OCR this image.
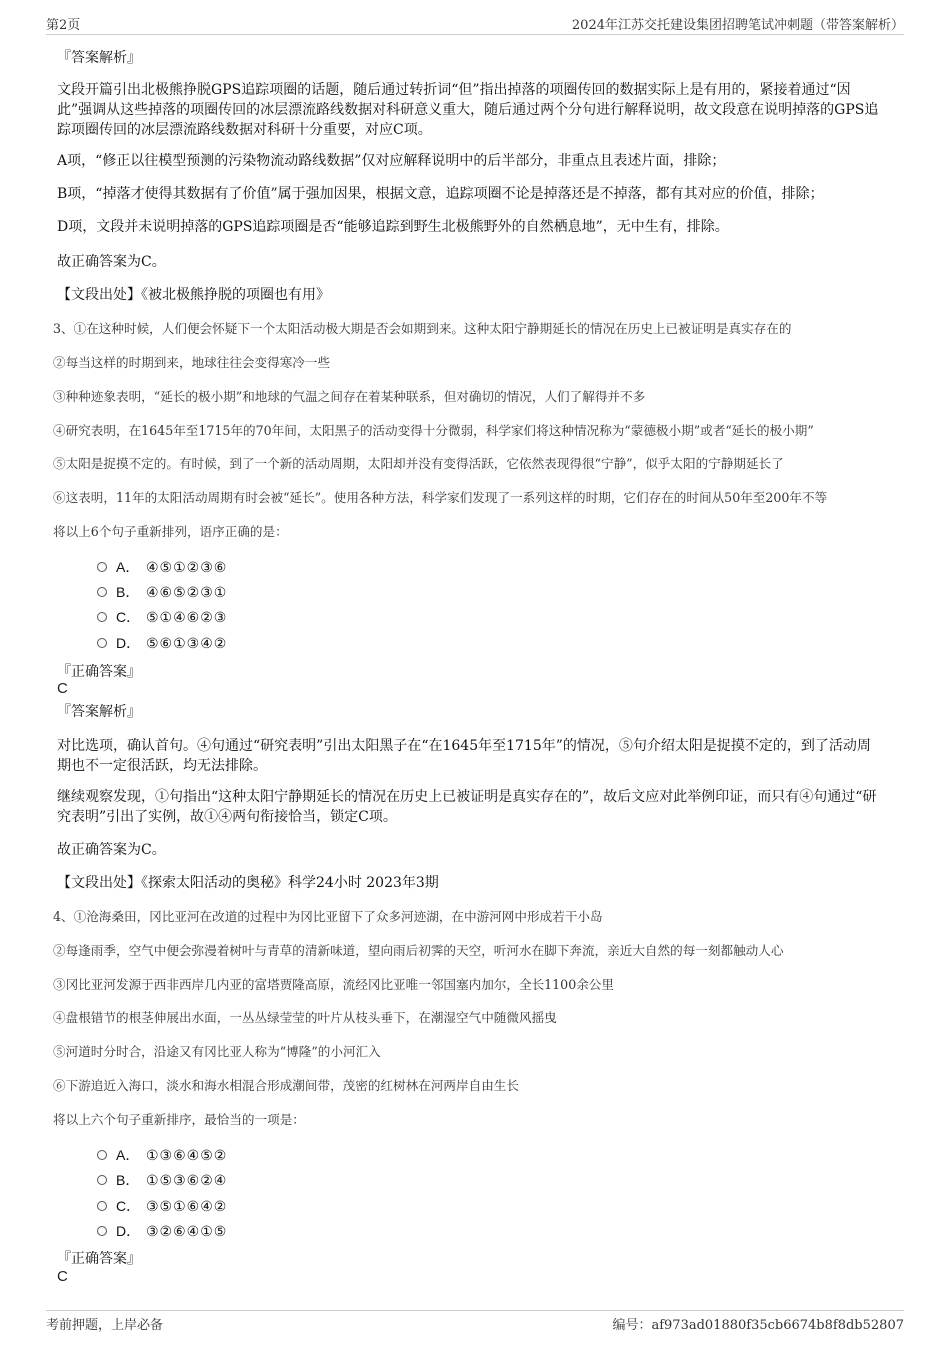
第2页	2024年江苏交托建设集团招聘笔试冲刺题（带答案解析）
『答案解析』
文段开篇引出北极熊挣脱GPS追踪项圈的话题，随后通过转折词“但”指出掉落的项圈传回的数据实际上是有用的，紧接着通过“因此”强调从这些掉落的项圈传回的冰层漂流路线数据对科研意义重大，随后通过两个分句进行解释说明，故文段意在说明掉落的GPS追踪项圈传回的冰层漂流路线数据对科研十分重要，对应C项。
A项，“修正以往模型预测的污染物流动路线数据”仅对应解释说明中的后半部分，非重点且表述片面，排除；
B项，“掉落才使得其数据有了价值”属于强加因果，根据文意，追踪项圈不论是掉落还是不掉落，都有其对应的价值，排除；
D项，文段并未说明掉落的GPS追踪项圈是否“能够追踪到野生北极熊野外的自然栖息地”，无中生有，排除。
故正确答案为C。
【文段出处】《被北极熊挣脱的项圈也有用》
3、①在这种时候，人们便会怀疑下一个太阳活动极大期是否会如期到来。这种太阳宁静期延长的情况在历史上已被证明是真实存在的
②每当这样的时期到来，地球往往会变得寒冷一些
③种种迹象表明，“延长的极小期”和地球的气温之间存在着某种联系，但对确切的情况，人们了解得并不多
④研究表明，在1645年至1715年的70年间，太阳黑子的活动变得十分微弱，科学家们将这种情况称为“蒙德极小期”或者“延长的极小期”
⑤太阳是捉摸不定的。有时候，到了一个新的活动周期，太阳却并没有变得活跃，它依然表现得很“宁静”，似乎太阳的宁静期延长了
⑥这表明，11年的太阳活动周期有时会被“延长”。使用各种方法，科学家们发现了一系列这样的时期，它们存在的时间从50年至200年不等
将以上6个句子重新排列，语序正确的是：
A． ④⑤①②③⑥
B． ④⑥⑤②③①
C． ⑤①④⑥②③
D． ⑤⑥①③④②
『正确答案』
C
『答案解析』
对比选项，确认首句。④句通过“研究表明”引出太阳黑子在“在1645年至1715年”的情况，⑤句介绍太阳是捉摸不定的，到了活动周期也不一定很活跃，均无法排除。
继续观察发现，①句指出“这种太阳宁静期延长的情况在历史上已被证明是真实存在的”，故后文应对此举例印证，而只有④句通过“研究表明”引出了实例，故①④两句衔接恰当，锁定C项。
故正确答案为C。
【文段出处】《探索太阳活动的奥秘》科学24小时 2023年3期
4、①沧海桑田，冈比亚河在改道的过程中为冈比亚留下了众多河迹湖，在中游河网中形成若干小岛
②每逢雨季，空气中便会弥漫着树叶与青草的清新味道，望向雨后初霁的天空，听河水在脚下奔流，亲近大自然的每一刻都触动人心
③冈比亚河发源于西非西岸几内亚的富塔贾隆高原，流经冈比亚唯一邻国塞内加尔，全长1100余公里
④盘根错节的根茎伸展出水面，一丛丛绿莹莹的叶片从枝头垂下，在潮湿空气中随微风摇曳
⑤河道时分时合，沿途又有冈比亚人称为“博隆”的小河汇入
⑥下游追近入海口，淡水和海水相混合形成潮间带，茂密的红树林在河两岸自由生长
将以上六个句子重新排序，最恰当的一项是：
A． ①③⑥④⑤②
B． ①⑤③⑥②④
C． ③⑤①⑥④②
D． ③②⑥④①⑤
『正确答案』
C
考前押题，上岸必备	编号：af973ad01880f35cb6674b8f8db52807
